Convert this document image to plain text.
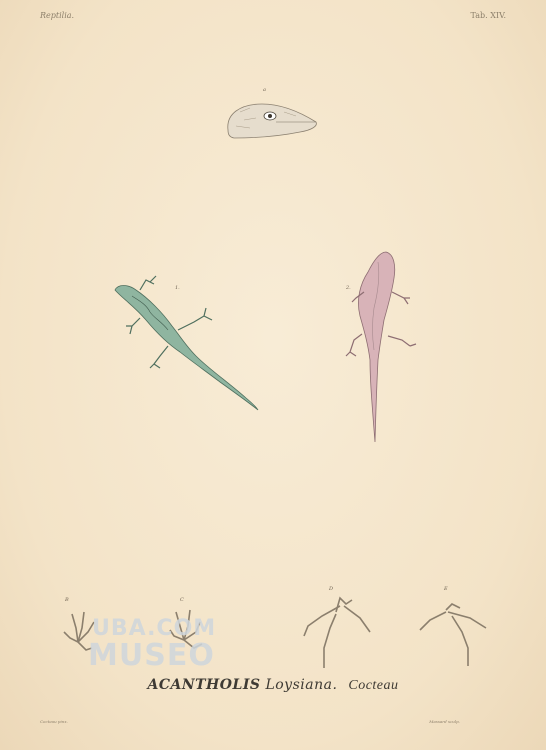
Reptilia.	Tab. XIV.
a
1.	2.
B	C
D	E
UBA.COM
MUSEO
ACANTHOLIS Loysiana. Cocteau
Cocteau pinx.	Massard sculp.
